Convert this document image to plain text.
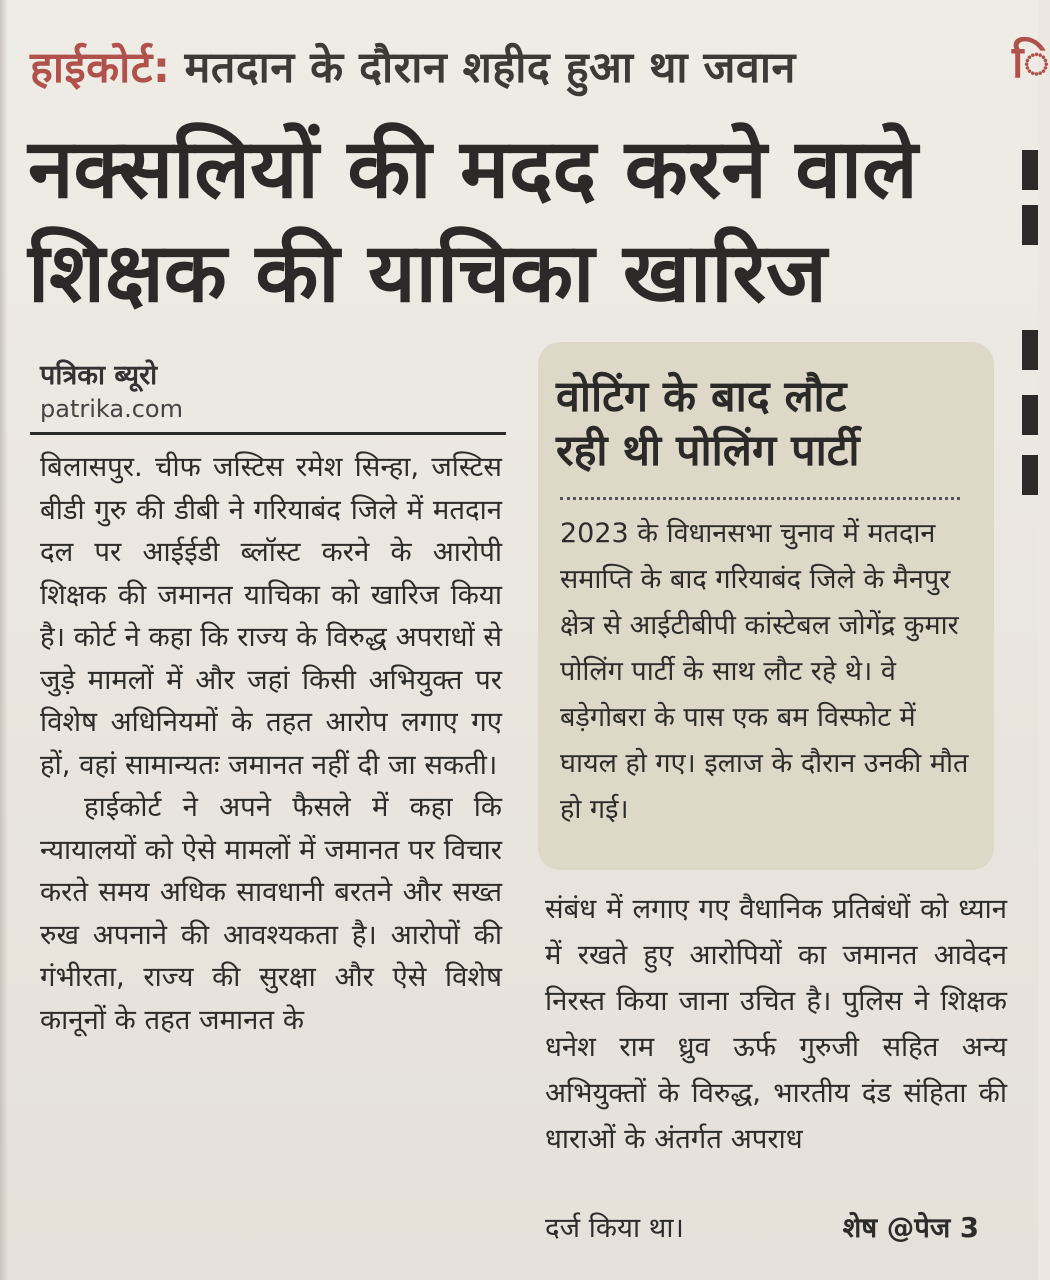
हाईकोर्ट: मतदान के दौरान शहीद हुआ था जवान
नक्सलियों की मदद करने वाले
शिक्षक की याचिका खारिज
पत्रिका ब्यूरो
patrika.com

बिलासपुर. चीफ जस्टिस रमेश सिन्हा, जस्टिस बीडी गुरु की डीबी ने गरियाबंद जिले में मतदान दल पर आईईडी ब्लॉस्ट करने के आरोपी शिक्षक की जमानत याचिका को खारिज किया है। कोर्ट ने कहा कि राज्य के विरुद्ध अपराधों से जुड़े मामलों में और जहां किसी अभियुक्त पर विशेष अधिनियमों के तहत आरोप लगाए गए हों, वहां सामान्यतः जमानत नहीं दी जा सकती।

हाईकोर्ट ने अपने फैसले में कहा कि न्यायालयों को ऐसे मामलों में जमानत पर विचार करते समय अधिक सावधानी बरतने और सख्त रुख अपनाने की आवश्यकता है। आरोपों की गंभीरता, राज्य की सुरक्षा और ऐसे विशेष कानूनों के तहत जमानत के

वोटिंग के बाद लौट
रही थी पोलिंग पार्टी

2023 के विधानसभा चुनाव में मतदान समाप्ति के बाद गरियाबंद जिले के मैनपुर क्षेत्र से आईटीबीपी कांस्टेबल जोगेंद्र कुमार पोलिंग पार्टी के साथ लौट रहे थे। वे बड़ेगोबरा के पास एक बम विस्फोट में घायल हो गए। इलाज के दौरान उनकी मौत हो गई।

संबंध में लगाए गए वैधानिक प्रतिबंधों को ध्यान में रखते हुए आरोपियों का जमानत आवेदन निरस्त किया जाना उचित है। पुलिस ने शिक्षक धनेश राम ध्रुव ऊर्फ गुरुजी सहित अन्य अभियुक्तों के विरुद्ध, भारतीय दंड संहिता की धाराओं के अंतर्गत अपराध

दर्ज किया था।	शेष @पेज 3
ि
